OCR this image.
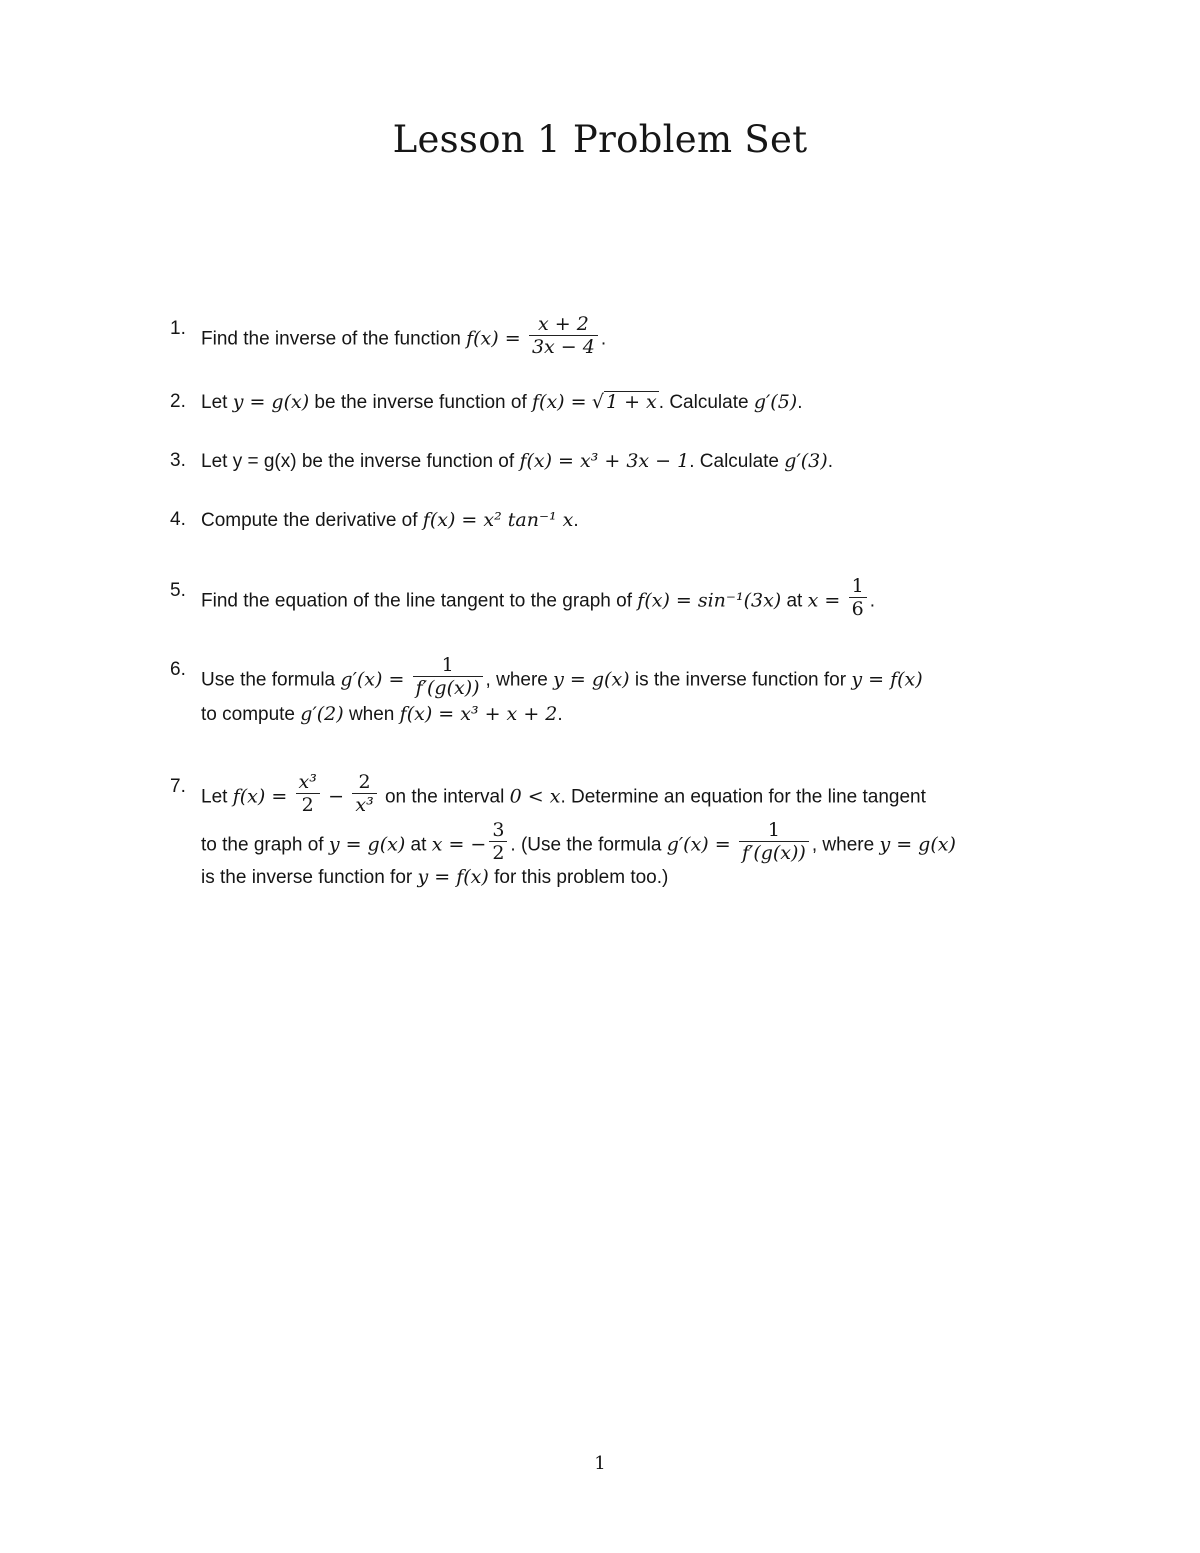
Lesson 1 Problem Set
1.
Find the inverse of the function $f(x) = \frac{x + 2}{3x - 4}$ .
2. Let y = g(x) be the inverse function of f(x) = √ 1 + x . Calculate g′(5).
3. Let y = g(x) be the inverse function of f(x) = x³ + 3x − 1. Calculate g′(3).
4. Compute the derivative of f(x) = x² tan⁻¹ x.
5.
Find the equation of the line tangent to the graph of f(x) = sin⁻¹(3x) at $x = \frac{1}{6}$ .
6.
Use the formula $g'(x) = \frac{1}{f'(g(x))}$ , where y = g(x) is the inverse function for y = f(x)
to compute g′(2) when f(x) = x³ + x + 2.
7.
Let $f(x) = \frac{\text{x³}}{2} - \frac{2}{\text{x³}}$ on the interval 0 < x. Determine an equation for the line tangent
to the graph of y = g(x) at x = − $\frac{3}{2}$ . (Use the formula $g'(x) = \frac{1}{f'(g(x))}$ , where y = g(x)
is the inverse function for y = f(x) for this problem too.)
1
